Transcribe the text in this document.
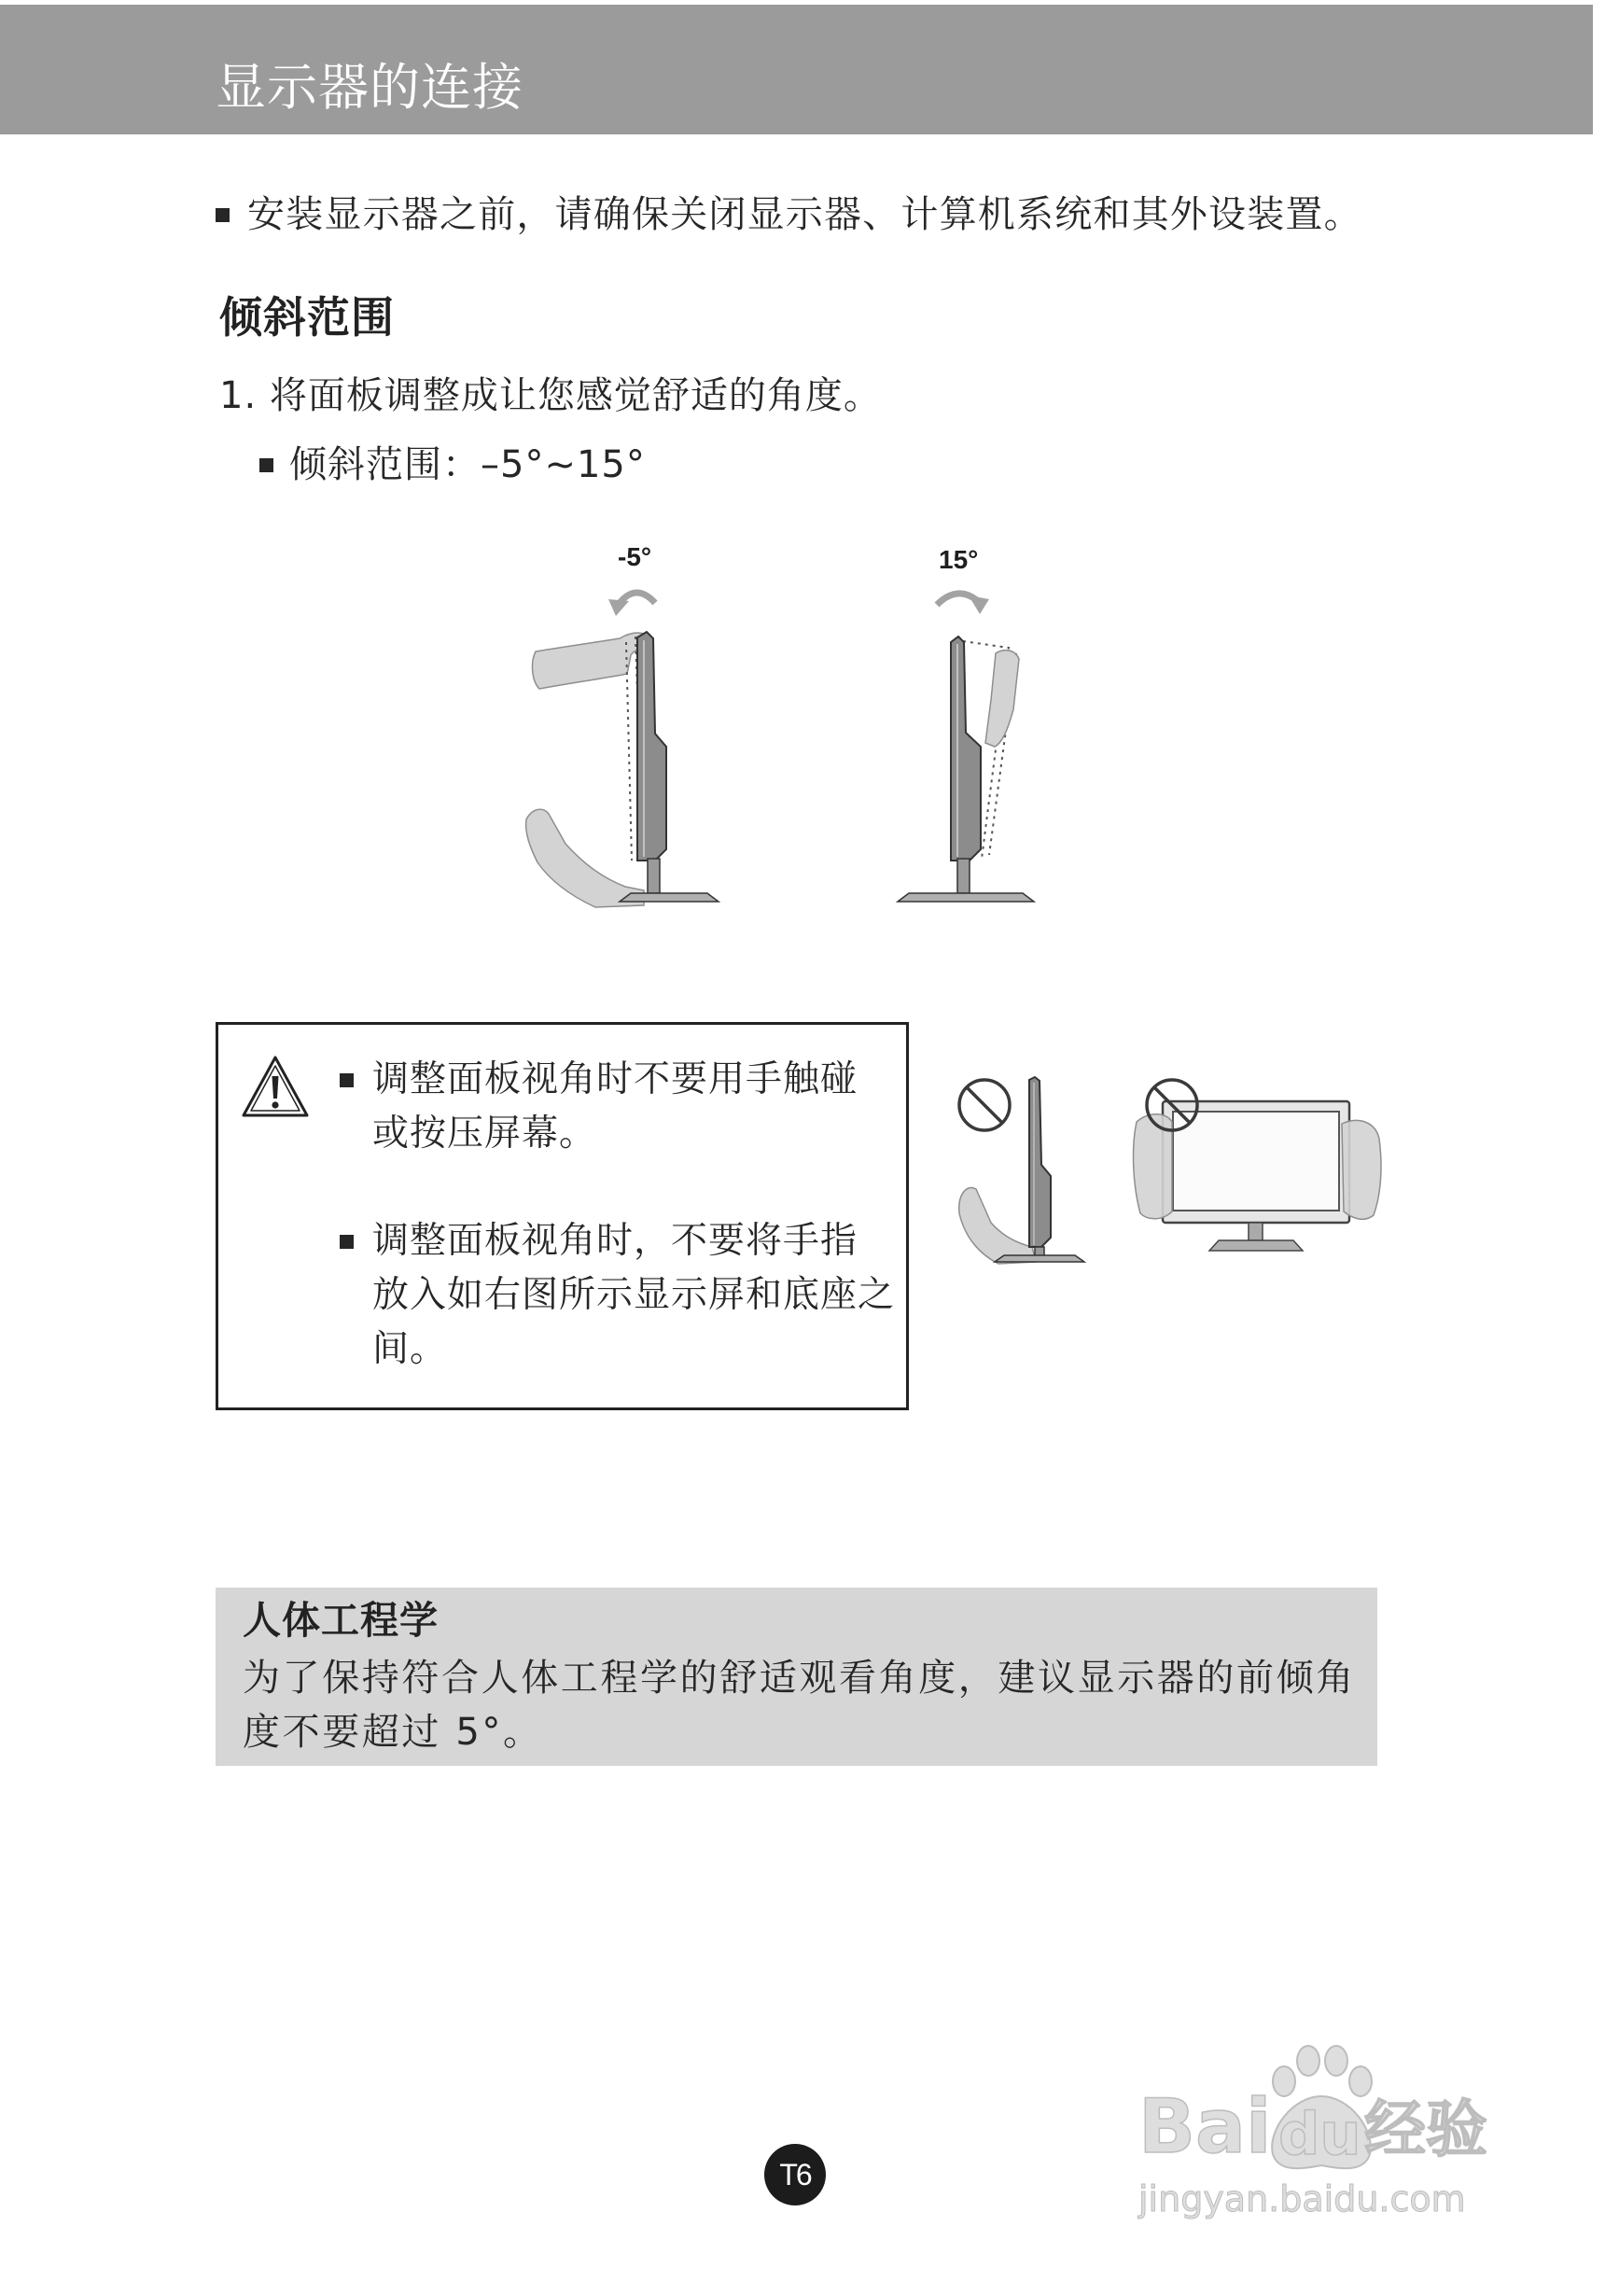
显示器的连接
安装显示器之前，请确保关闭显示器、计算机系统和其外设装置。
倾斜范围
1. 将面板调整成让您感觉舒适的角度。
倾斜范围：–5°~15°
-5°	15°
调整面板视角时不要用手触碰
或按压屏幕。
调整面板视角时，不要将手指
放入如右图所示显示屏和底座之
间。
人体工程学
为了保持符合人体工程学的舒适观看角度，建议显示器的前倾角
度不要超过 5°。
T6
Bai du 经验
jingyan.baidu.com
